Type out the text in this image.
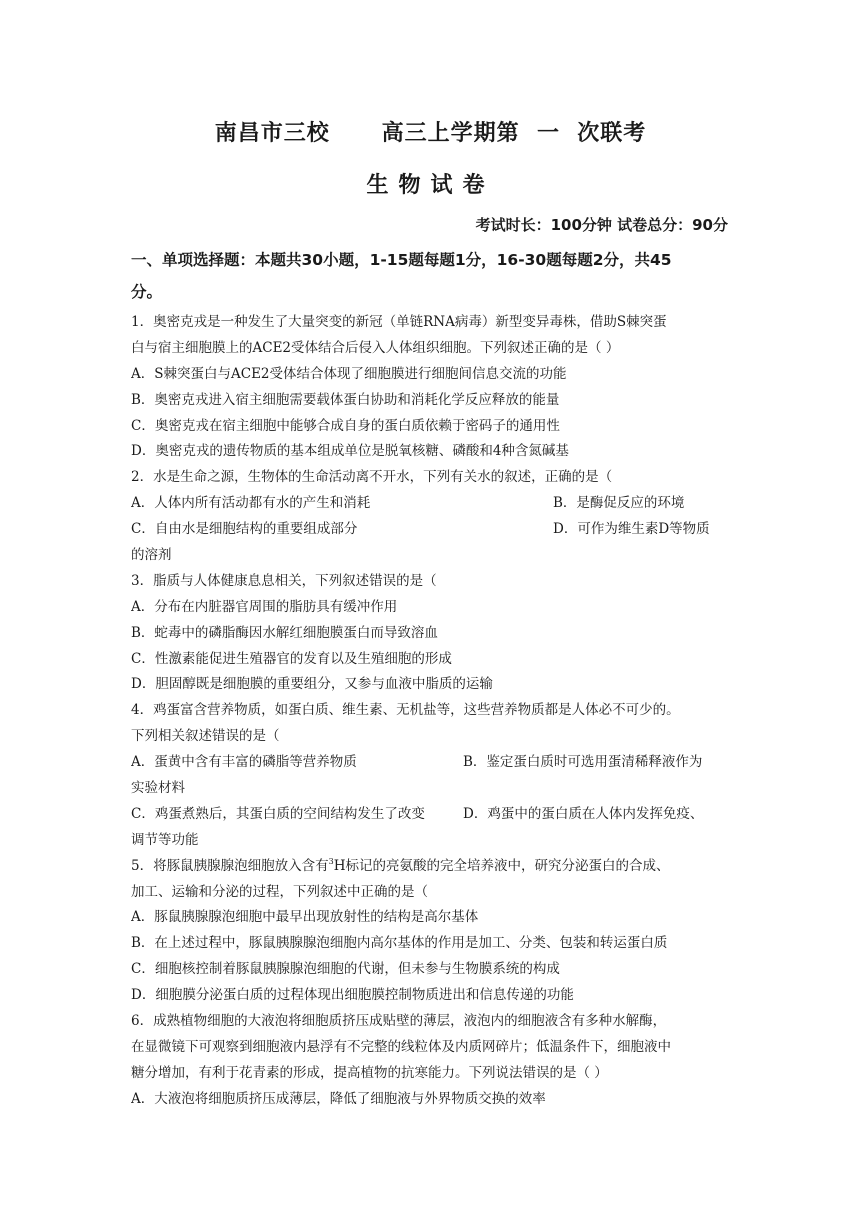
南昌市三校      高三上学期第  一  次联考
生物试卷
考试时长：100分钟 试卷总分：90分
一、单项选择题：本题共30小题，1-15题每题1分，16-30题每题2分，共45
分。
1．奥密克戎是一种发生了大量突变的新冠（单链RNA病毒）新型变异毒株，借助S棘突蛋
白与宿主细胞膜上的ACE2受体结合后侵入人体组织细胞。下列叙述正确的是（ ）
A．S棘突蛋白与ACE2受体结合体现了细胞膜进行细胞间信息交流的功能
B．奥密克戎进入宿主细胞需要载体蛋白协助和消耗化学反应释放的能量
C．奥密克戎在宿主细胞中能够合成自身的蛋白质依赖于密码子的通用性
D．奥密克戎的遗传物质的基本组成单位是脱氧核糖、磷酸和4种含氮碱基
2．水是生命之源，生物体的生命活动离不开水，下列有关水的叙述，正确的是（
A．人体内所有活动都有水的产生和消耗	B．是酶促反应的环境
C．自由水是细胞结构的重要组成部分	D．可作为维生素D等物质
的溶剂
3．脂质与人体健康息息相关，下列叙述错误的是（
A．分布在内脏器官周围的脂肪具有缓冲作用
B．蛇毒中的磷脂酶因水解红细胞膜蛋白而导致溶血
C．性激素能促进生殖器官的发育以及生殖细胞的形成
D．胆固醇既是细胞膜的重要组分，又参与血液中脂质的运输
4．鸡蛋富含营养物质，如蛋白质、维生素、无机盐等，这些营养物质都是人体必不可少的。
下列相关叙述错误的是（
A．蛋黄中含有丰富的磷脂等营养物质	B．鉴定蛋白质时可选用蛋清稀释液作为
实验材料
C．鸡蛋煮熟后，其蛋白质的空间结构发生了改变	D．鸡蛋中的蛋白质在人体内发挥免疫、
调节等功能
5．将豚鼠胰腺腺泡细胞放入含有$^3$H标记的亮氨酸的完全培养液中，研究分泌蛋白的合成、
加工、运输和分泌的过程，下列叙述中正确的是（
A．豚鼠胰腺腺泡细胞中最早出现放射性的结构是高尔基体
B．在上述过程中，豚鼠胰腺腺泡细胞内高尔基体的作用是加工、分类、包装和转运蛋白质
C．细胞核控制着豚鼠胰腺腺泡细胞的代谢，但未参与生物膜系统的构成
D．细胞膜分泌蛋白质的过程体现出细胞膜控制物质进出和信息传递的功能
6．成熟植物细胞的大液泡将细胞质挤压成贴壁的薄层，液泡内的细胞液含有多种水解酶，
在显微镜下可观察到细胞液内悬浮有不完整的线粒体及内质网碎片；低温条件下，细胞液中
糖分增加，有利于花青素的形成，提高植物的抗寒能力。下列说法错误的是（ ）
A．大液泡将细胞质挤压成薄层，降低了细胞液与外界物质交换的效率
